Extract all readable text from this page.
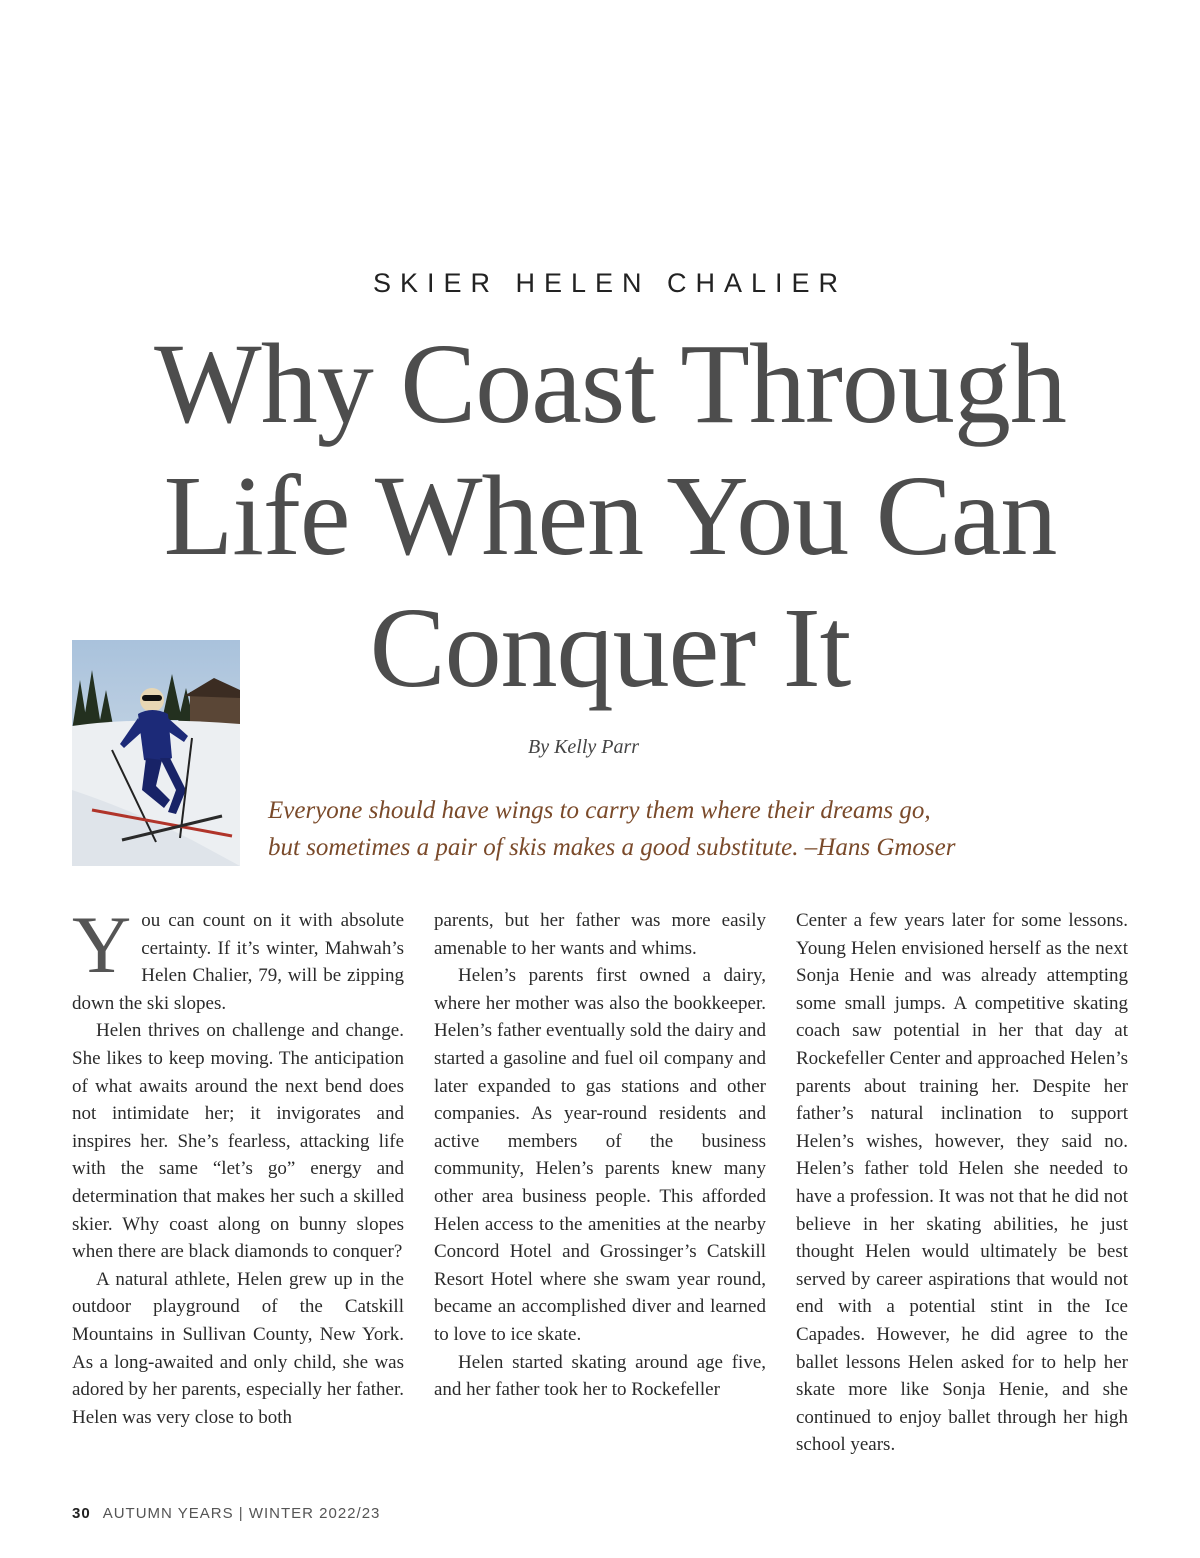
SKIER HELEN CHALIER
Why Coast Through
Life When You Can
Conquer It
By Kelly Parr
Everyone should have wings to carry them where their dreams go,
but sometimes a pair of skis makes a good substitute. –Hans Gmoser

You can count on it with absolute certainty. If it’s winter, Mahwah’s Helen Chalier, 79, will be zipping down the ski slopes.

Helen thrives on challenge and change. She likes to keep moving. The anticipation of what awaits around the next bend does not intimidate her; it invigorates and inspires her. She’s fearless, attacking life with the same “let’s go” energy and determination that makes her such a skilled skier. Why coast along on bunny slopes when there are black diamonds to conquer?

A natural athlete, Helen grew up in the outdoor playground of the Catskill Mountains in Sullivan County, New York. As a long-awaited and only child, she was adored by her parents, especially her father. Helen was very close to both

parents, but her father was more easily amenable to her wants and whims.

Helen’s parents first owned a dairy, where her mother was also the bookkeeper. Helen’s father eventually sold the dairy and started a gasoline and fuel oil company and later expanded to gas stations and other companies. As year-round residents and active members of the business community, Helen’s parents knew many other area business people. This afforded Helen access to the amenities at the nearby Concord Hotel and Grossinger’s Catskill Resort Hotel where she swam year round, became an accomplished diver and learned to love to ice skate.

Helen started skating around age five, and her father took her to Rockefeller

Center a few years later for some lessons. Young Helen envisioned herself as the next Sonja Henie and was already attempting some small jumps. A competitive skating coach saw potential in her that day at Rockefeller Center and approached Helen’s parents about training her. Despite her father’s natural inclination to support Helen’s wishes, however, they said no. Helen’s father told Helen she needed to have a profession. It was not that he did not believe in her skating abilities, he just thought Helen would ultimately be best served by career aspirations that would not end with a potential stint in the Ice Capades. However, he did agree to the ballet lessons Helen asked for to help her skate more like Sonja Henie, and she continued to enjoy ballet through her high school years.

30 AUTUMN YEARS | WINTER 2022/23
